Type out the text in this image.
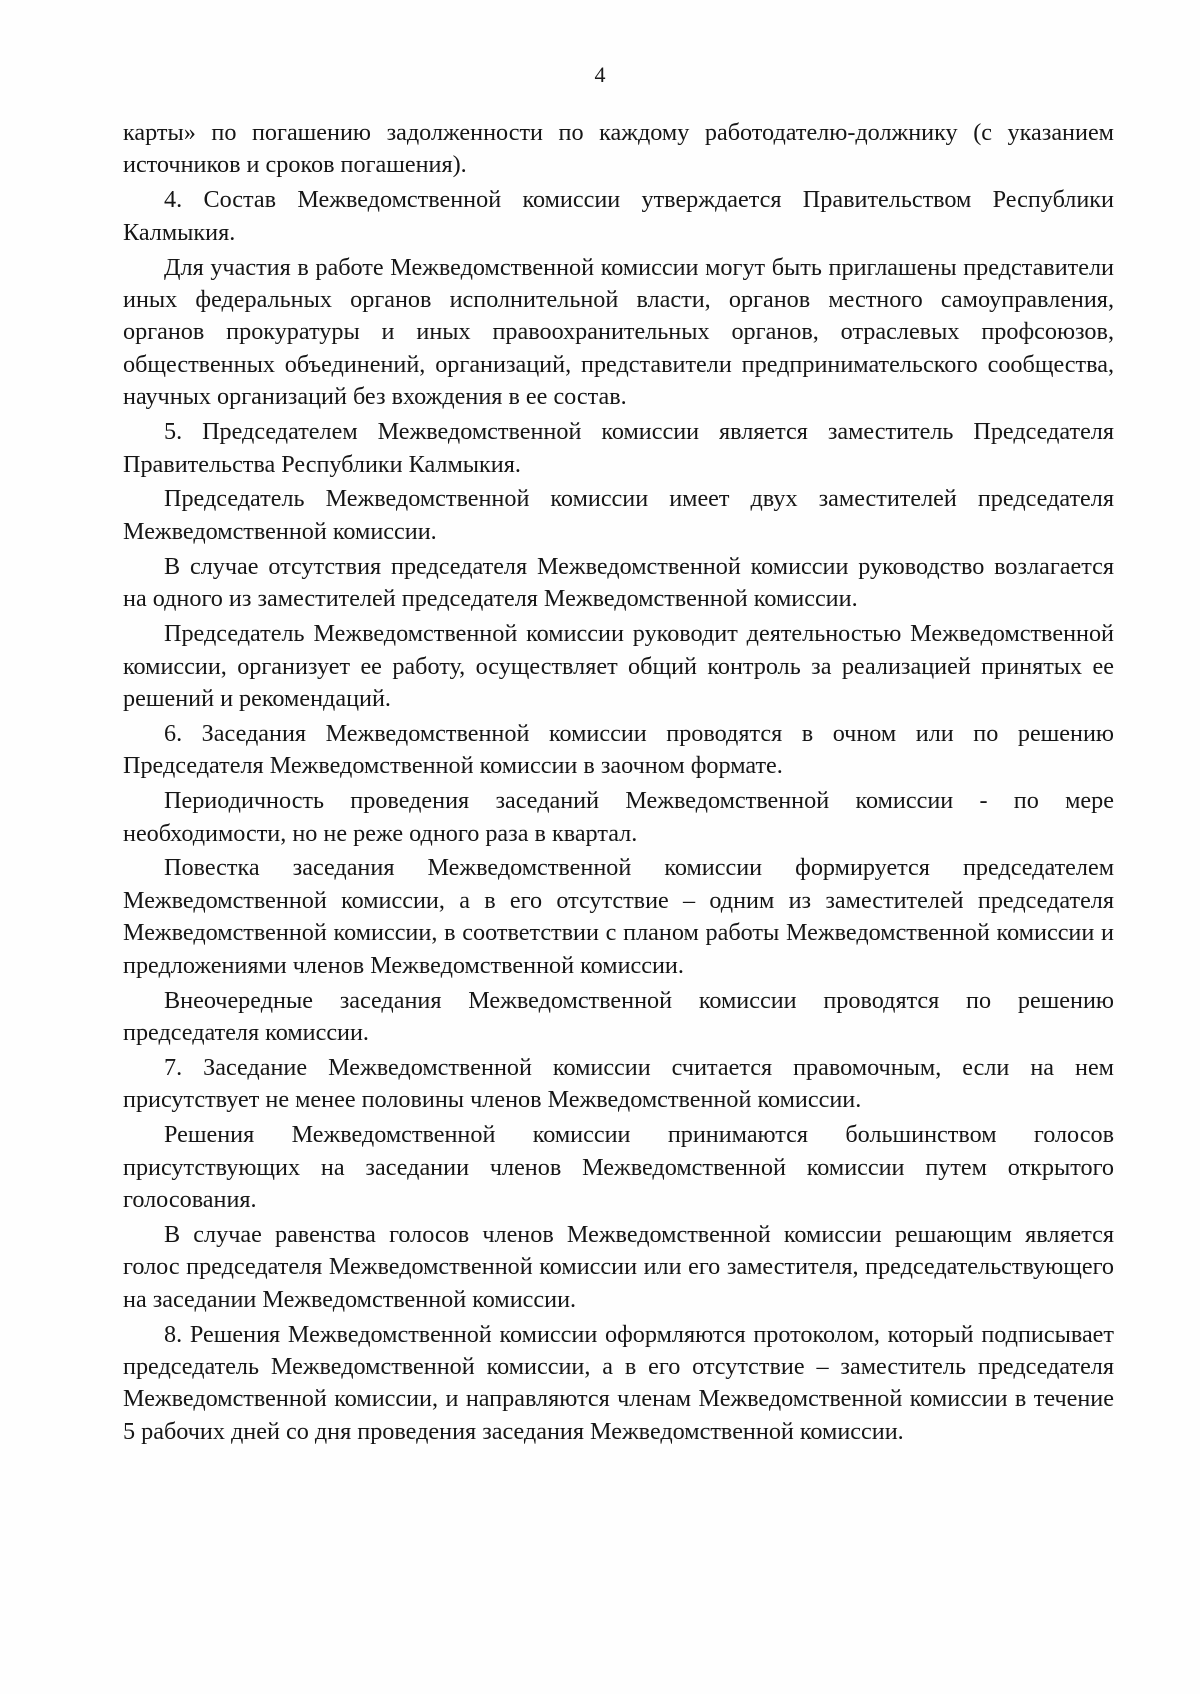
4

карты» по погашению задолженности по каждому работодателю-должнику (с указанием источников и сроков погашения).

4. Состав Межведомственной комиссии утверждается Правительством Республики Калмыкия.

Для участия в работе Межведомственной комиссии могут быть приглашены представители иных федеральных органов исполнительной власти, органов местного самоуправления, органов прокуратуры и иных правоохранительных органов, отраслевых профсоюзов, общественных объединений, организаций, представители предпринимательского сообщества, научных организаций без вхождения в ее состав.

5. Председателем Межведомственной комиссии является заместитель Председателя Правительства Республики Калмыкия.

Председатель Межведомственной комиссии имеет двух заместителей председателя Межведомственной комиссии.

В случае отсутствия председателя Межведомственной комиссии руководство возлагается на одного из заместителей председателя Межведомственной комиссии.

Председатель Межведомственной комиссии руководит деятельностью Межведомственной комиссии, организует ее работу, осуществляет общий контроль за реализацией принятых ее решений и рекомендаций.

6. Заседания Межведомственной комиссии проводятся в очном или по решению Председателя Межведомственной комиссии в заочном формате.

Периодичность проведения заседаний Межведомственной комиссии - по мере необходимости, но не реже одного раза в квартал.

Повестка заседания Межведомственной комиссии формируется председателем Межведомственной комиссии, а в его отсутствие – одним из заместителей председателя Межведомственной комиссии, в соответствии с планом работы Межведомственной комиссии и предложениями членов Межведомственной комиссии.

Внеочередные заседания Межведомственной комиссии проводятся по решению председателя комиссии.

7. Заседание Межведомственной комиссии считается правомочным, если на нем присутствует не менее половины членов Межведомственной комиссии.

Решения Межведомственной комиссии принимаются большинством голосов присутствующих на заседании членов Межведомственной комиссии путем открытого голосования.

В случае равенства голосов членов Межведомственной комиссии решающим является голос председателя Межведомственной комиссии или его заместителя, председательствующего на заседании Межведомственной комиссии.

8. Решения Межведомственной комиссии оформляются протоколом, который подписывает председатель Межведомственной комиссии, а в его отсутствие – заместитель председателя Межведомственной комиссии, и направляются членам Межведомственной комиссии в течение 5 рабочих дней со дня проведения заседания Межведомственной комиссии.
